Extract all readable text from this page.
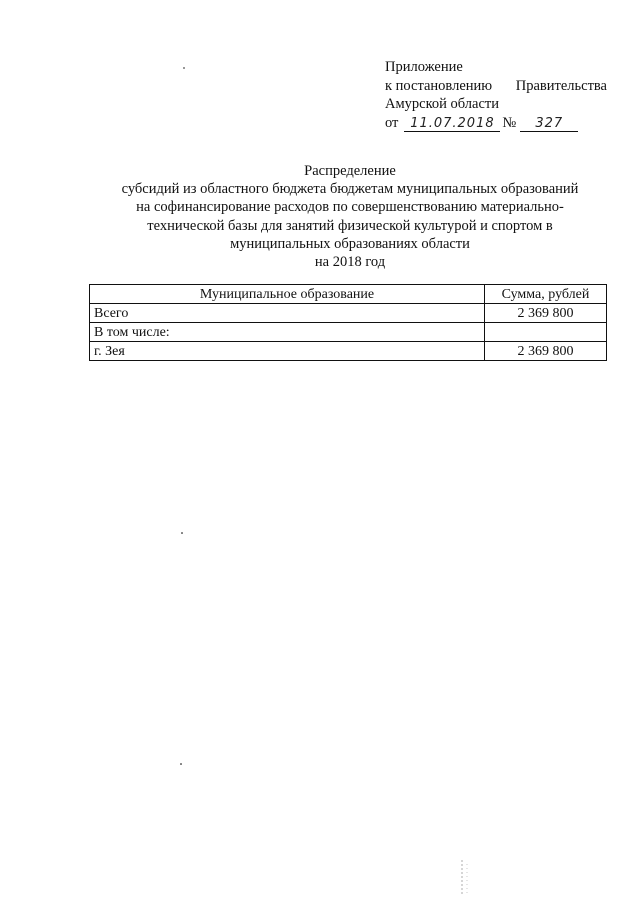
Приложение
к постановлению Правительства
Амурской области
от 11.07.2018 №	327
Распределение
субсидий из областного бюджета бюджетам муниципальных образований
на софинансирование расходов по совершенствованию материально-
технической базы для занятий физической культурой и спортом в
муниципальных образованиях области
на 2018 год
Муниципальное образование	Сумма, рублей
Всего	2 369 800
В том числе:	
г. Зея	2 369 800
